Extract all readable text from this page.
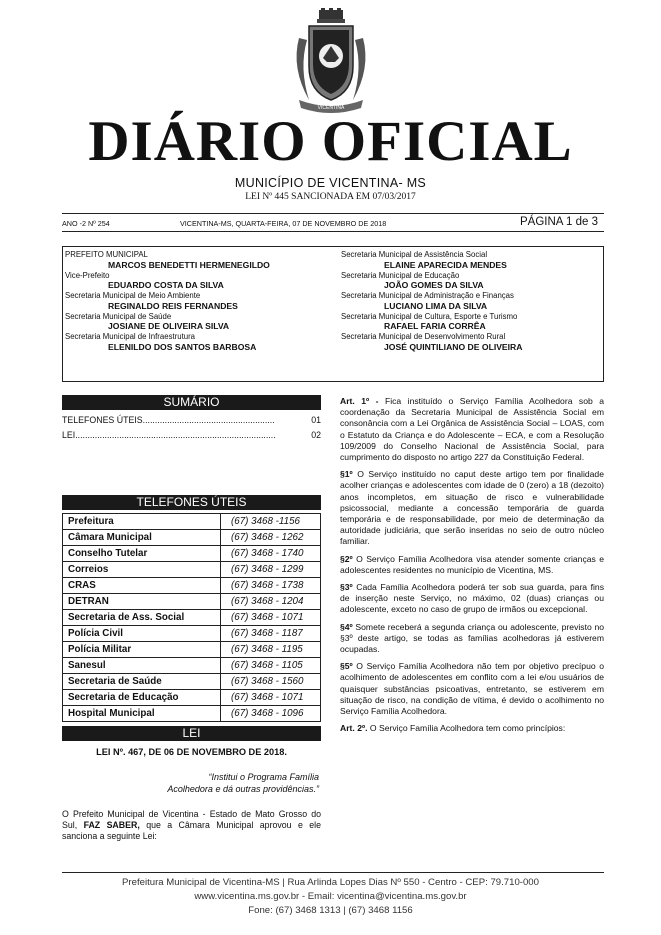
VICENTINA
DIÁRIO OFICIAL
MUNICÍPIO DE VICENTINA- MS
LEI Nº 445 SANCIONADA EM 07/03/2017
ANO -2 Nº 254	VICENTINA-MS, QUARTA-FEIRA, 07 DE NOVEMBRO DE 2018	PÁGINA 1 de 3
PREFEITO MUNICIPAL
MARCOS BENEDETTI HERMENEGILDO
Vice-Prefeito
EDUARDO COSTA DA SILVA
Secretaria Municipal de Meio Ambiente
REGINALDO REIS FERNANDES
Secretaria Municipal de Saúde
JOSIANE DE OLIVEIRA SILVA
Secretaria Municipal de Infraestrutura
ELENILDO DOS SANTOS BARBOSA
Secretaria Municipal de Assistência Social
ELAINE APARECIDA MENDES
Secretaria Municipal de Educação
JOÃO GOMES DA SILVA
Secretaria Municipal de Administração e Finanças
LUCIANO LIMA DA SILVA
Secretaria Municipal de Cultura, Esporte e Turismo
RAFAEL FARIA CORRÊA
Secretaria Municipal de Desenvolvimento Rural
JOSÉ QUINTILIANO DE OLIVEIRA
SUMÁRIO
TELEFONES ÚTEIS......................................................	01
LEI..................................................................................	02
TELEFONES ÚTEIS
Prefeitura	(67) 3468 -1156
Câmara Municipal	(67) 3468 - 1262
Conselho Tutelar	(67) 3468 - 1740
Correios	(67) 3468 - 1299
CRAS	(67) 3468 - 1738
DETRAN	(67) 3468 - 1204
Secretaria de Ass. Social	(67) 3468 - 1071
Polícia Civil	(67) 3468 - 1187
Polícia Militar	(67) 3468 - 1195
Sanesul	(67) 3468 - 1105
Secretaria de Saúde	(67) 3468 - 1560
Secretaria de Educação	(67) 3468 - 1071
Hospital Municipal	(67) 3468 - 1096
LEI
LEI Nº. 467, DE 06 DE NOVEMBRO DE 2018.
“Institui o Programa Família
Acolhedora e dá outras providências.”
O Prefeito Municipal de Vicentina - Estado de Mato Grosso do Sul, FAZ SABER, que a Câmara Municipal aprovou e ele sanciona a seguinte Lei:

Art. 1º - Fica instituído o Serviço Família Acolhedora sob a coordenação da Secretaria Municipal de Assistência Social em consonância com a Lei Orgânica de Assistência Social – LOAS, com o Estatuto da Criança e do Adolescente – ECA, e com a Resolução 109/2009 do Conselho Nacional de Assistência Social, para cumprimento do disposto no artigo 227 da Constituição Federal.

§1º O Serviço instituído no caput deste artigo tem por finalidade acolher crianças e adolescentes com idade de 0 (zero) a 18 (dezoito) anos incompletos, em situação de risco e vulnerabilidade psicossocial, mediante a concessão temporária de guarda temporária e de responsabilidade, por meio de determinação da autoridade judiciária, que serão inseridas no seio de outro núcleo familiar.

§2º O Serviço Família Acolhedora visa atender somente crianças e adolescentes residentes no município de Vicentina, MS.

§3º Cada Família Acolhedora poderá ter sob sua guarda, para fins de inserção neste Serviço, no máximo, 02 (duas) crianças ou adolescente, exceto no caso de grupo de irmãos ou excepcional.

§4º Somete receberá a segunda criança ou adolescente, previsto no §3º deste artigo, se todas as famílias acolhedoras já estiverem ocupadas.

§5º O Serviço Família Acolhedora não tem por objetivo precípuo o acolhimento de adolescentes em conflito com a lei e/ou usuários de quaisquer substâncias psicoativas, entretanto, se estiverem em situação de risco, na condição de vítima, é devido o acolhimento no Serviço Família Acolhedora.

Art. 2º. O Serviço Família Acolhedora tem como princípios:

Prefeitura Municipal de Vicentina-MS | Rua Arlinda Lopes Dias Nº 550 - Centro - CEP: 79.710-000
www.vicentina.ms.gov.br - Email: vicentina@vicentina.ms.gov.br
Fone: (67) 3468 1313 | (67) 3468 1156
